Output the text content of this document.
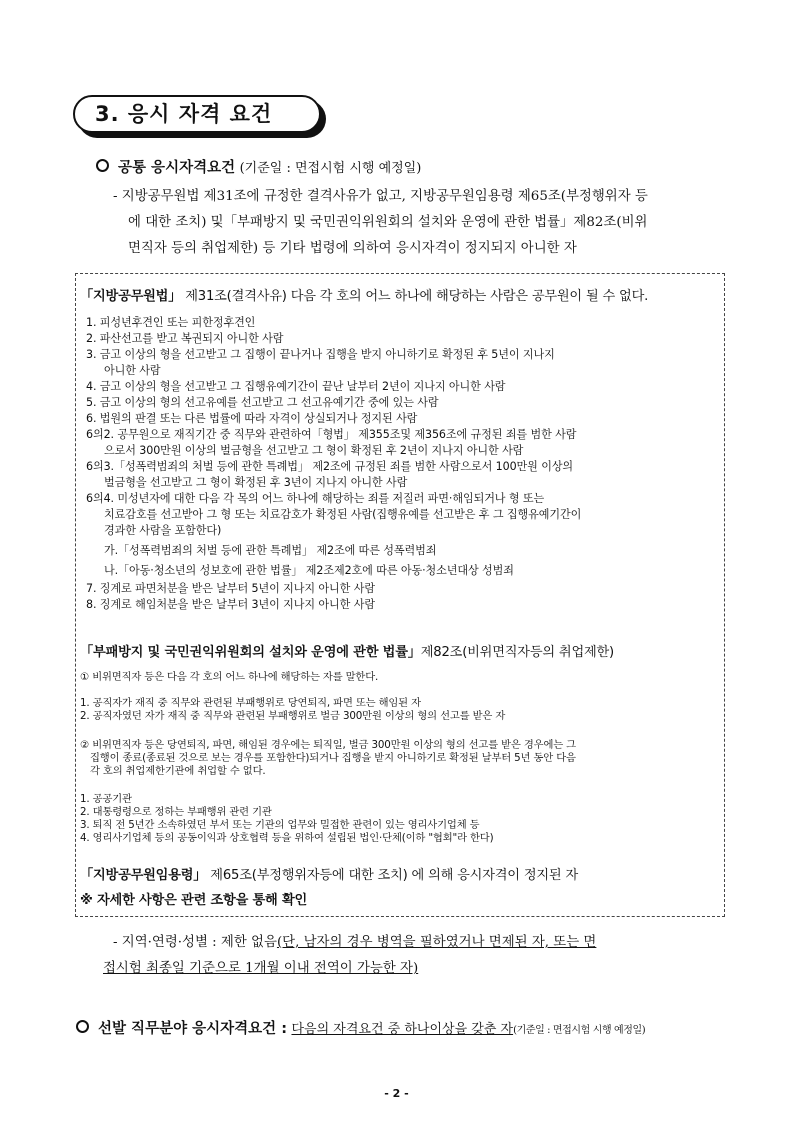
3. 응시 자격 요건
공통 응시자격요건 (기준일 : 면접시험 시행 예정일)
- 지방공무원법 제31조에 규정한 결격사유가 없고, 지방공무원임용령 제65조(부정행위자 등
에 대한 조치) 및「부패방지 및 국민권익위원회의 설치와 운영에 관한 법률」제82조(비위
면직자 등의 취업제한) 등 기타 법령에 의하여 응시자격이 정지되지 아니한 자
「지방공무원법」 제31조(결격사유) 다음 각 호의 어느 하나에 해당하는 사람은 공무원이 될 수 없다.
1. 피성년후견인 또는 피한정후견인
2. 파산선고를 받고 복권되지 아니한 사람
3. 금고 이상의 형을 선고받고 그 집행이 끝나거나 집행을 받지 아니하기로 확정된 후 5년이 지나지
아니한 사람
4. 금고 이상의 형을 선고받고 그 집행유예기간이 끝난 날부터 2년이 지나지 아니한 사람
5. 금고 이상의 형의 선고유예를 선고받고 그 선고유예기간 중에 있는 사람
6. 법원의 판결 또는 다른 법률에 따라 자격이 상실되거나 정지된 사람
6의2. 공무원으로 재직기간 중 직무와 관련하여「형법」 제355조및 제356조에 규정된 죄를 범한 사람
으로서 300만원 이상의 벌금형을 선고받고 그 형이 확정된 후 2년이 지나지 아니한 사람
6의3.「성폭력범죄의 처벌 등에 관한 특례법」 제2조에 규정된 죄를 범한 사람으로서 100만원 이상의
벌금형을 선고받고 그 형이 확정된 후 3년이 지나지 아니한 사람
6의4. 미성년자에 대한 다음 각 목의 어느 하나에 해당하는 죄를 저질러 파면·해임되거나 형 또는
치료감호를 선고받아 그 형 또는 치료감호가 확정된 사람(집행유예를 선고받은 후 그 집행유예기간이
경과한 사람을 포함한다)
가.「성폭력범죄의 처벌 등에 관한 특례법」 제2조에 따른 성폭력범죄
나.「아동·청소년의 성보호에 관한 법률」 제2조제2호에 따른 아동·청소년대상 성범죄
7. 징계로 파면처분을 받은 날부터 5년이 지나지 아니한 사람
8. 징계로 해임처분을 받은 날부터 3년이 지나지 아니한 사람
「부패방지 및 국민권익위원회의 설치와 운영에 관한 법률」제82조(비위면직자등의 취업제한)
① 비위면직자 등은 다음 각 호의 어느 하나에 해당하는 자를 말한다.
1. 공직자가 재직 중 직무와 관련된 부패행위로 당연퇴직, 파면 또는 해임된 자
2. 공직자였던 자가 재직 중 직무와 관련된 부패행위로 벌금 300만원 이상의 형의 선고를 받은 자
② 비위면직자 등은 당연퇴직, 파면, 해임된 경우에는 퇴직일, 벌금 300만원 이상의 형의 선고를 받은 경우에는 그
집행이 종료(종료된 것으로 보는 경우를 포함한다)되거나 집행을 받지 아니하기로 확정된 날부터 5년 동안 다음
각 호의 취업제한기관에 취업할 수 없다.
1. 공공기관
2. 대통령령으로 정하는 부패행위 관련 기관
3. 퇴직 전 5년간 소속하였던 부서 또는 기관의 업무와 밀접한 관련이 있는 영리사기업체 등
4. 영리사기업체 등의 공동이익과 상호협력 등을 위하여 설립된 법인·단체(이하 "협회"라 한다)
「지방공무원임용령」 제65조(부정행위자등에 대한 조치) 에 의해 응시자격이 정지된 자
※ 자세한 사항은 관련 조항을 통해 확인
- 지역·연령·성별 : 제한 없음(단, 남자의 경우 병역을 필하였거나 면제된 자, 또는 면
접시험 최종일 기준으로 1개월 이내 전역이 가능한 자)
선발 직무분야 응시자격요건 : 다음의 자격요건 중 하나이상을 갖춘 자(기준일 : 면접시험 시행 예정일)
- 2 -
